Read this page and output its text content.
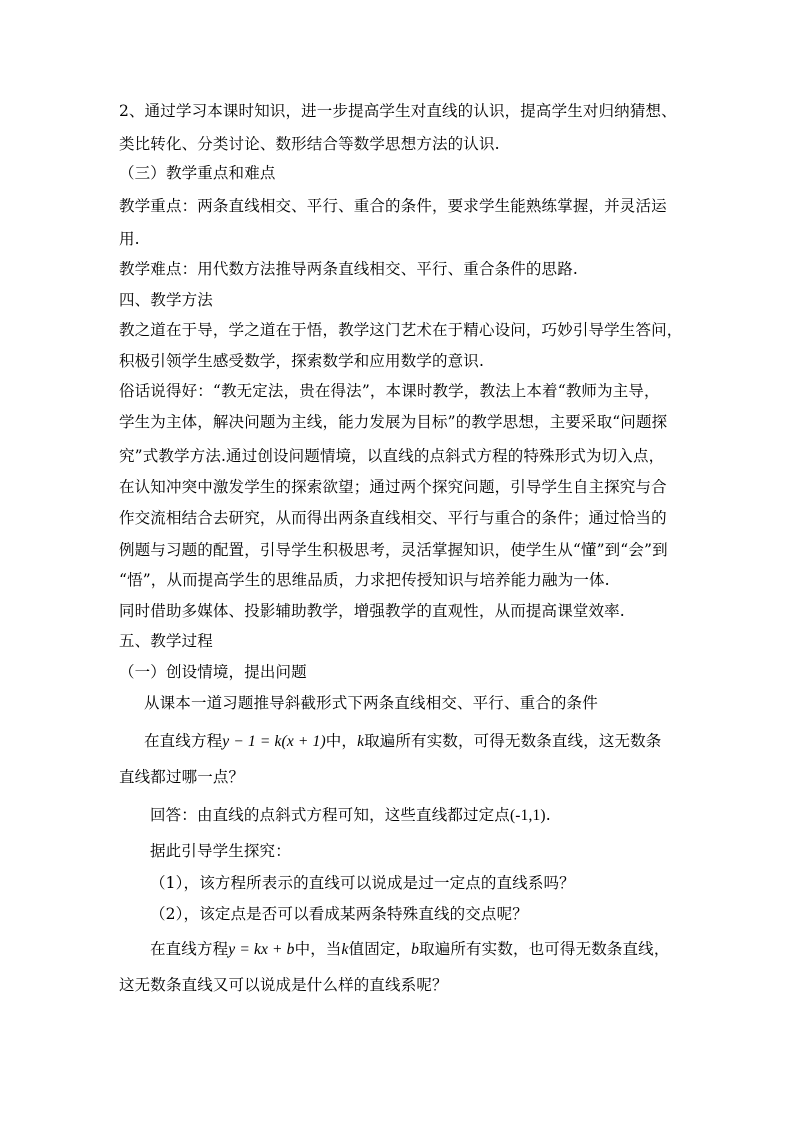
2、通过学习本课时知识，进一步提高学生对直线的认识，提高学生对归纳猜想、
类比转化、分类讨论、数形结合等数学思想方法的认识.
（三）教学重点和难点
教学重点：两条直线相交、平行、重合的条件，要求学生能熟练掌握，并灵活运
用.
教学难点：用代数方法推导两条直线相交、平行、重合条件的思路.
四、教学方法
教之道在于导，学之道在于悟，教学这门艺术在于精心设问，巧妙引导学生答问，
积极引领学生感受数学，探索数学和应用数学的意识.
俗话说得好：“教无定法，贵在得法”，本课时教学，教法上本着“教师为主导，
学生为主体，解决问题为主线，能力发展为目标”的教学思想，主要采取“问题探
究”式教学方法.通过创设问题情境，以直线的点斜式方程的特殊形式为切入点，
在认知冲突中激发学生的探索欲望；通过两个探究问题，引导学生自主探究与合
作交流相结合去研究，从而得出两条直线相交、平行与重合的条件；通过恰当的
例题与习题的配置，引导学生积极思考，灵活掌握知识，使学生从“懂”到“会”到
“悟”，从而提高学生的思维品质，力求把传授知识与培养能力融为一体.
同时借助多媒体、投影辅助教学，增强教学的直观性，从而提高课堂效率.
五、教学过程
（一）创设情境，提出问题
从课本一道习题推导斜截形式下两条直线相交、平行、重合的条件
在直线方程y − 1 = k(x + 1)中，k取遍所有实数，可得无数条直线，这无数条
直线都过哪一点？
回答：由直线的点斜式方程可知，这些直线都过定点(-1,1).
据此引导学生探究：
（1），该方程所表示的直线可以说成是过一定点的直线系吗？
（2），该定点是否可以看成某两条特殊直线的交点呢？
在直线方程y = kx + b中，当k值固定，b取遍所有实数，也可得无数条直线，
这无数条直线又可以说成是什么样的直线系呢？
